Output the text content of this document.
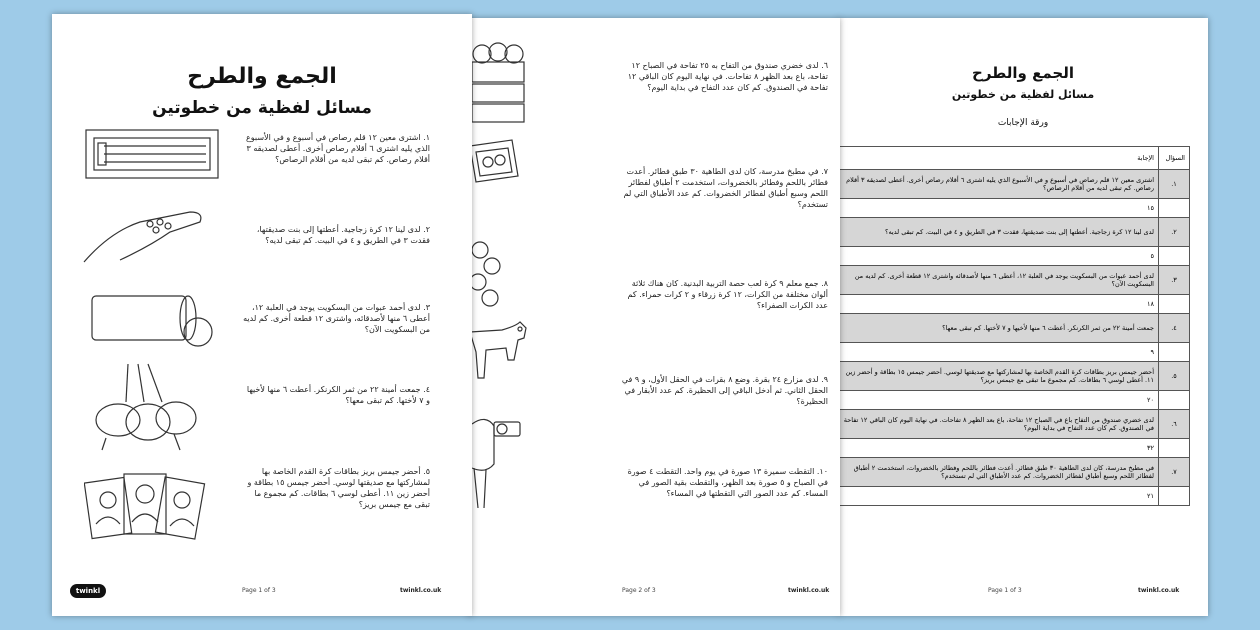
الجمع والطرح
مسائل لفظية من خطوتين
ورقة الإجابات
الإجابة	السؤال
اشترى معين ١٢ قلم رصاص في أسبوع و في الأسبوع الذي يليه اشترى ٦ أقلام رصاص أخرى. أعطى لصديقه ٣ أقلام رصاص. كم تبقى لديه من أقلام الرصاص؟	١.
١٥	
لدى لينا ١٢ كرة زجاجية. أعطتها إلى بنت صديقتها، فقدت ٣ في الطريق و ٤ في البيت. كم تبقى لديه؟	٢.
٥	
لدى أحمد عبوات من البسكويت يوجد في العلبة ١٢، أعطى ٦ منها لأصدقائه واشترى ١٢ قطعة أخرى. كم لديه من البسكويت الآن؟	٣.
١٨	
جمعت أمينة ٢٢ من ثمر الكرنكر. أعطت ٦ منها لأخيها و ٧ لأختها. كم تبقى معها؟	٤.
٩	
أحضر جيمس بريز بطاقات كرة القدم الخاصة بها لمشاركتها مع صديقتها لوسي. أحضر جيمس ١٥ بطاقة و أحضر زين ١١. أعطى لوسي ٦ بطاقات. كم مجموع ما تبقى مع جيمس بريز؟	٥.
٢٠	
لدى خضري صندوق من التفاح باع في الصباح ١٢ تفاحة، باع بعد الظهر ٨ تفاحات. في نهاية اليوم كان الباقي ١٢ تفاحة في الصندوق. كم كان عدد التفاح في بداية اليوم؟	٦.
٣٢	
في مطبخ مدرسة، كان لدى الطاهية ٣٠ طبق فطائر. أعدت فطائر باللحم وفطائر بالخضروات، استخدمت ٢ أطباق لفطائر اللحم وسبع أطباق لفطائر الخضروات. كم عدد الأطباق التي لم تستخدم؟	٧.
٢١	
Page 1 of 3	twinkl.co.uk
٦. لدى خضري صندوق من التفاح به ٢٥ تفاحة في الصباح ١٢ تفاحة، باع بعد الظهر ٨ تفاحات. في نهاية اليوم كان الباقي ١٢ تفاحة في الصندوق. كم كان عدد التفاح في بداية اليوم؟
٧. في مطبخ مدرسة، كان لدى الطاهية ٣٠ طبق فطائر. أعدت فطائر باللحم وفطائر بالخضروات، استخدمت ٢ أطباق لفطائر اللحم وسبع أطباق لفطائر الخضروات. كم عدد الأطباق التي لم تستخدم؟
٨. جمع معلم ٩ كرة لعب حصة التربية البدنية. كان هناك ثلاثة ألوان مختلفة من الكرات، ١٢ كرة زرقاء و ٢ كرات حمراء. كم عدد الكرات الصفراء؟
٩. لدى مزارع ٢٤ بقرة. وضع ٨ بقرات في الحقل الأول، و ٩ في الحقل الثاني. ثم أدخل الباقي إلى الحظيرة. كم عدد الأبقار في الحظيرة؟
١٠. التقطت سميرة ١٣ صورة في يوم واحد. التقطت ٤ صورة في الصباح و ٥ صورة بعد الظهر، والتقطت بقية الصور في المساء. كم عدد الصور التي التقطتها في المساء؟
Page 2 of 3	twinkl.co.uk
الجمع والطرح
مسائل لفظية من خطوتين
١. اشترى معين ١٢ قلم رصاص في أسبوع و في الأسبوع الذي يليه اشترى ٦ أقلام رصاص أخرى. أعطى لصديقه ٣ أقلام رصاص. كم تبقى لديه من أقلام الرصاص؟
٢. لدى لينا ١٢ كرة زجاجية. أعطتها إلى بنت صديقتها، فقدت ٣ في الطريق و ٤ في البيت. كم تبقى لديه؟
٣. لدى أحمد عبوات من البسكويت يوجد في العلبة ١٢، أعطى ٦ منها لأصدقائه، واشترى ١٢ قطعة أخرى. كم لديه من البسكويت الآن؟
٤. جمعت أمينة ٢٢ من ثمر الكرنكر. أعطت ٦ منها لأخيها و ٧ لأختها. كم تبقى معها؟
٥. أحضر جيمس بريز بطاقات كرة القدم الخاصة بها لمشاركتها مع صديقتها لوسي. أحضر جيمس ١٥ بطاقة و أحضر زين ١١. أعطى لوسي ٦ بطاقات. كم مجموع ما تبقى مع جيمس بريز؟
twinkl	Page 1 of 3	twinkl.co.uk
